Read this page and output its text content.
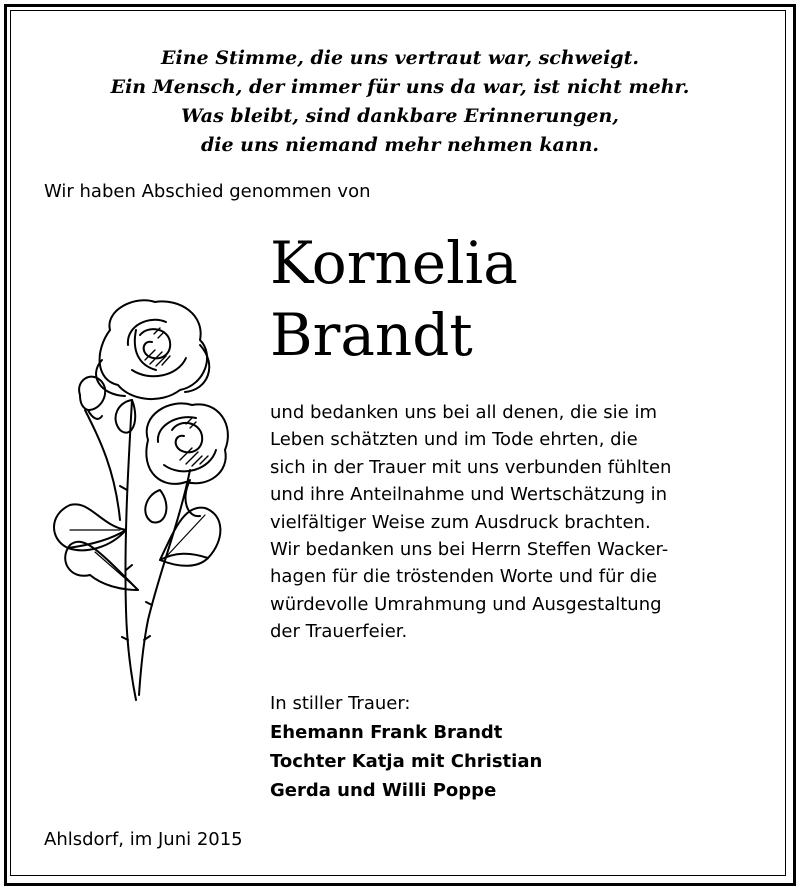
Eine Stimme, die uns vertraut war, schweigt.
Ein Mensch, der immer für uns da war, ist nicht mehr.
Was bleibt, sind dankbare Erinnerungen,
die uns niemand mehr nehmen kann.
Wir haben Abschied genommen von
Kornelia
Brandt
und bedanken uns bei all denen, die sie im
Leben schätzten und im Tode ehrten, die
sich in der Trauer mit uns verbunden fühlten
und ihre Anteilnahme und Wertschätzung in
vielfältiger Weise zum Ausdruck brachten.
Wir bedanken uns bei Herrn Steffen Wacker-
hagen für die tröstenden Worte und für die
würdevolle Umrahmung und Ausgestaltung
der Trauerfeier.
In stiller Trauer:
Ehemann Frank Brandt
Tochter Katja mit Christian
Gerda und Willi Poppe
Ahlsdorf, im Juni 2015
